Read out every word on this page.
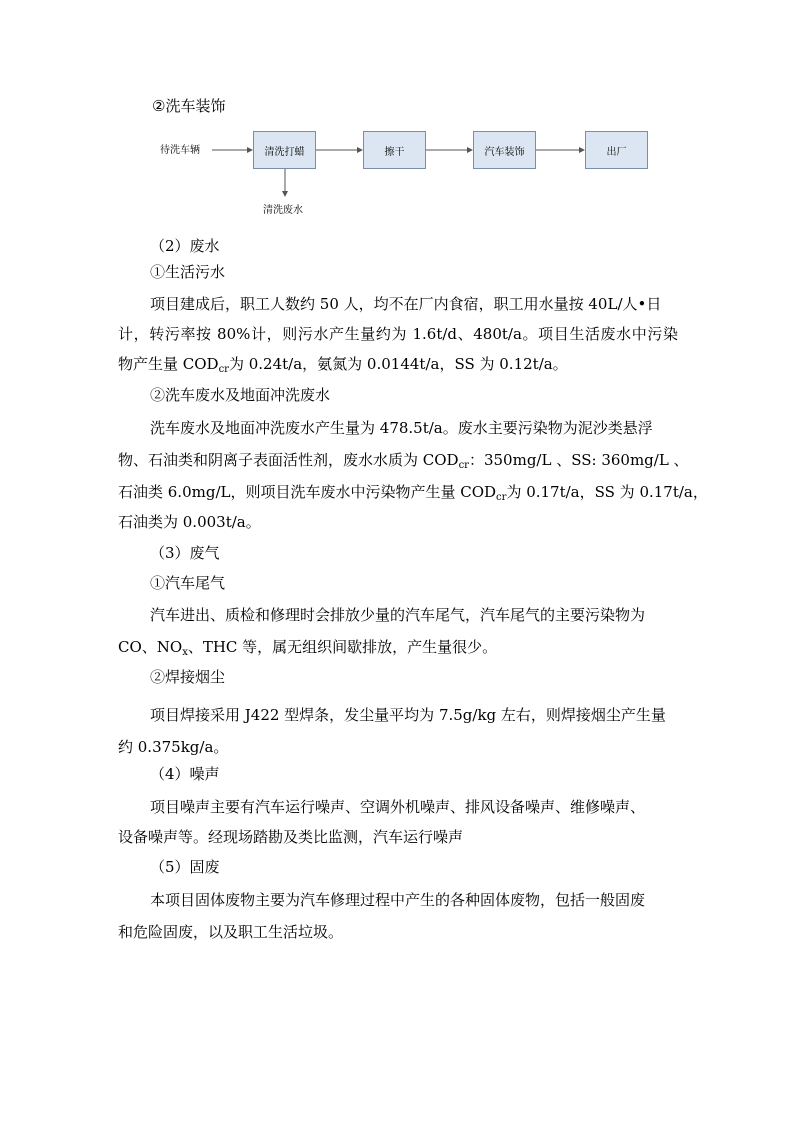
②洗车装饰
待洗车辆	清洗打蜡	擦干	汽车装饰	出厂
清洗废水
（2）废水
①生活污水
项目建成后，职工人数约 50 人，均不在厂内食宿，职工用水量按 40L/人•日
计，转污率按 80%计，则污水产生量约为 1.6t/d、480t/a。项目生活废水中污染
物产生量 $COD_{cr}$为 0.24t/a，氨氮为 0.0144t/a，SS 为 0.12t/a。
②洗车废水及地面冲洗废水
洗车废水及地面冲洗废水产生量为 478.5t/a。废水主要污染物为泥沙类悬浮
物、石油类和阴离子表面活性剂，废水水质为 $COD_{cr}$：350mg/L 、SS: 360mg/L 、
石油类 6.0mg/L，则项目洗车废水中污染物产生量 $COD_{cr}$为 0.17t/a，SS 为 0.17t/a，
石油类为 0.003t/a。
（3）废气
①汽车尾气
汽车进出、质检和修理时会排放少量的汽车尾气，汽车尾气的主要污染物为
CO、$NO_x$、THC 等，属无组织间歇排放，产生量很少。
②焊接烟尘
项目焊接采用 J422 型焊条，发尘量平均为 7.5g/kg 左右，则焊接烟尘产生量
约 0.375kg/a。
（4）噪声
项目噪声主要有汽车运行噪声、空调外机噪声、排风设备噪声、维修噪声、
设备噪声等。经现场踏勘及类比监测，汽车运行噪声
（5）固废
本项目固体废物主要为汽车修理过程中产生的各种固体废物，包括一般固废
和危险固废，以及职工生活垃圾。
